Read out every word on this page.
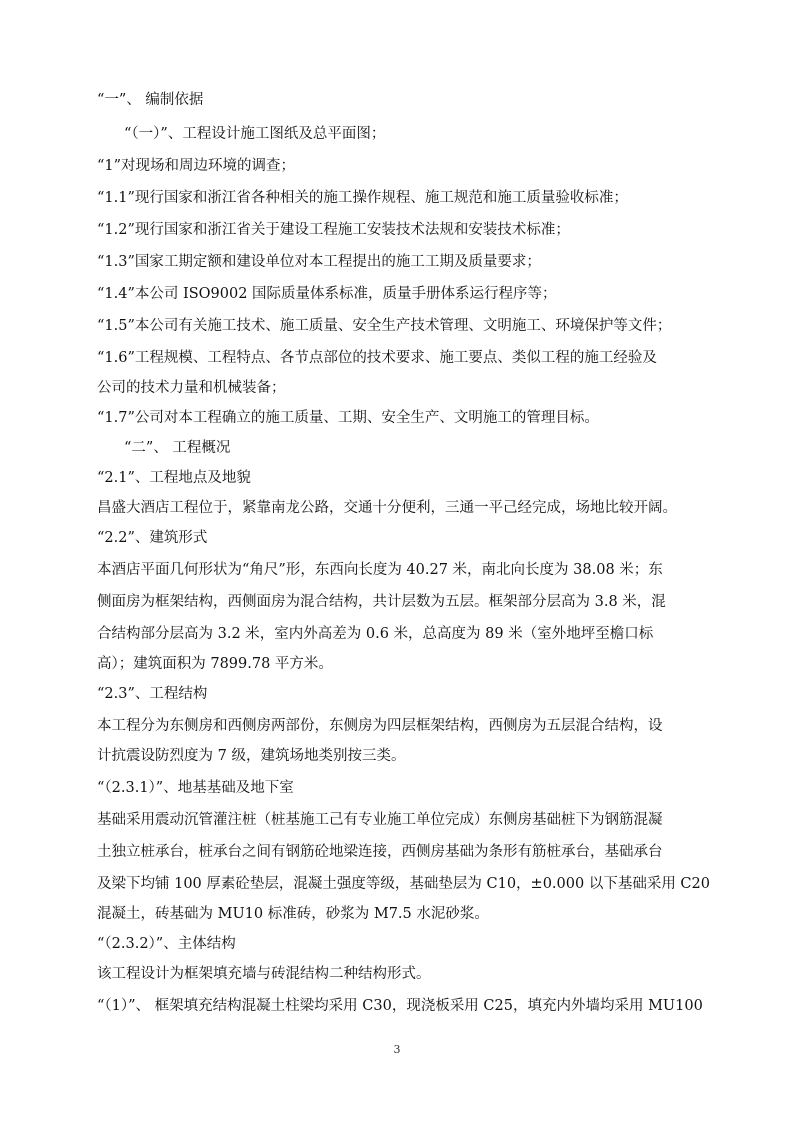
“一”、 编制依据
“（一）”、工程设计施工图纸及总平面图；
“1”对现场和周边环境的调查；
“1.1”现行国家和浙江省各种相关的施工操作规程、施工规范和施工质量验收标准；
“1.2”现行国家和浙江省关于建设工程施工安装技术法规和安装技术标准；
“1.3”国家工期定额和建设单位对本工程提出的施工工期及质量要求；
“1.4”本公司 ISO9002 国际质量体系标准，质量手册体系运行程序等；
“1.5”本公司有关施工技术、施工质量、安全生产技术管理、文明施工、环境保护等文件；
“1.6”工程规模、工程特点、各节点部位的技术要求、施工要点、类似工程的施工经验及
公司的技术力量和机械装备；
“1.7”公司对本工程确立的施工质量、工期、安全生产、文明施工的管理目标。
“二”、 工程概况
“2.1”、工程地点及地貌
昌盛大酒店工程位于，紧靠南龙公路，交通十分便利，三通一平己经完成，场地比较开阔。
“2.2”、建筑形式
本酒店平面几何形状为“角尺”形，东西向长度为 40.27 米，南北向长度为 38.08 米；东
侧面房为框架结构，西侧面房为混合结构，共计层数为五层。框架部分层高为 3.8 米，混
合结构部分层高为 3.2 米，室内外高差为 0.6 米，总高度为 89 米（室外地坪至檐口标
高）；建筑面积为 7899.78 平方米。
“2.3”、工程结构
本工程分为东侧房和西侧房两部份，东侧房为四层框架结构，西侧房为五层混合结构，设
计抗震设防烈度为 7 级，建筑场地类别按三类。
“（2.3.1）”、地基基础及地下室
基础采用震动沉管灌注桩（桩基施工己有专业施工单位完成）东侧房基础桩下为钢筋混凝
土独立桩承台，桩承台之间有钢筋砼地梁连接，西侧房基础为条形有筋桩承台，基础承台
及梁下均铺 100 厚素砼垫层，混凝土强度等级，基础垫层为 C10，±0.000 以下基础采用 C20
混凝土，砖基础为 MU10 标准砖，砂浆为 M7.5 水泥砂浆。
“（2.3.2）”、主体结构
该工程设计为框架填充墙与砖混结构二种结构形式。
“（1）”、 框架填充结构混凝土柱梁均采用 C30，现浇板采用 C25，填充内外墙均采用 MU100
3
